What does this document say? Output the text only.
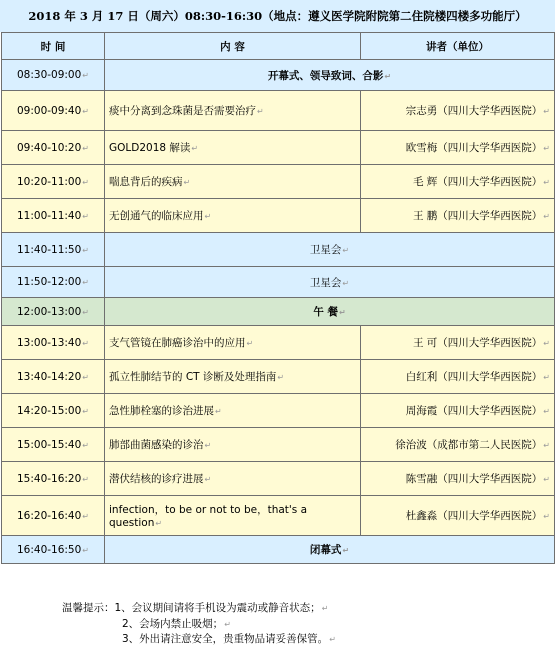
2018 年 3 月 17 日（周六）08:30-16:30（地点：遵义医学院附院第二住院楼四楼多功能厅）
时 间	内 容	讲者（单位）
08:30-09:00↵	开幕式、领导致词、合影↵	
09:00-09:40↵	痰中分离到念珠菌是否需要治疗↵	宗志勇（四川大学华西医院）↵
09:40-10:20↵	GOLD2018 解读↵	欧雪梅（四川大学华西医院）↵
10:20-11:00↵	喘息背后的疾病↵	毛 辉（四川大学华西医院）↵
11:00-11:40↵	无创通气的临床应用↵	王 鹏（四川大学华西医院）↵
11:40-11:50↵	卫星会↵	
11:50-12:00↵	卫星会↵	
12:00-13:00↵	午 餐↵	
13:00-13:40↵	支气管镜在肺癌诊治中的应用↵	王 可（四川大学华西医院）↵
13:40-14:20↵	孤立性肺结节的 CT 诊断及处理指南↵	白红利（四川大学华西医院）↵
14:20-15:00↵	急性肺栓塞的诊治进展↵	周海霞（四川大学华西医院）↵
15:00-15:40↵	肺部曲菌感染的诊治↵	徐治波（成都市第二人民医院）↵
15:40-16:20↵	潜伏结核的诊疗进展↵	陈雪融（四川大学华西医院）↵
16:20-16:40↵	infection，to be or not to be，that's a question↵	杜鑫淼（四川大学华西医院）↵
16:40-16:50↵	闭幕式↵	
温馨提示：1、会议期间请将手机设为震动或静音状态；↵
2、会场内禁止吸烟；↵
3、外出请注意安全，贵重物品请妥善保管。↵
